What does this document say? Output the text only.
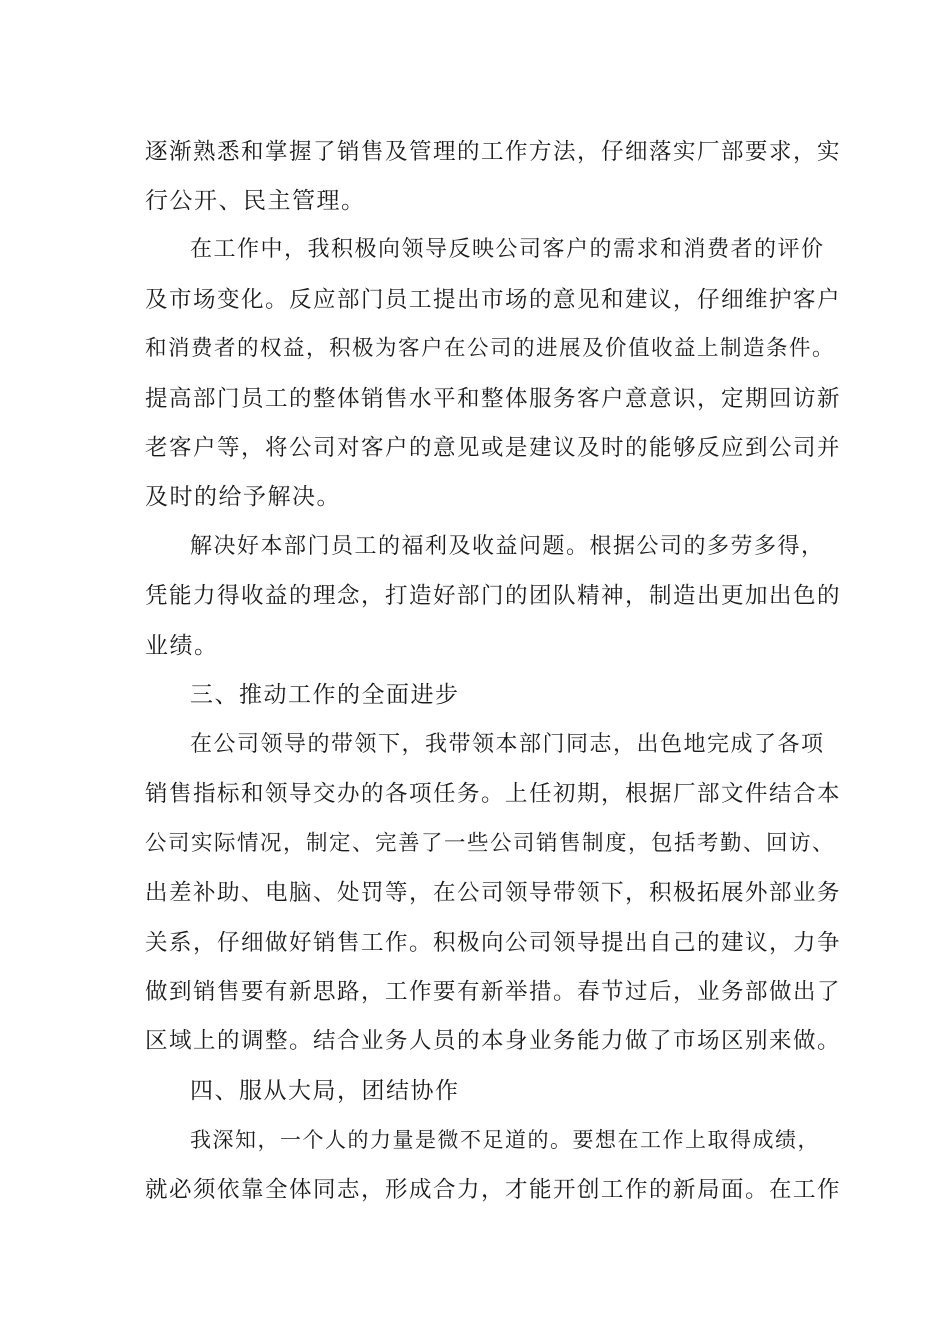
逐渐熟悉和掌握了销售及管理的工作方法，仔细落实厂部要求，实
行公开、民主管理。
在工作中，我积极向领导反映公司客户的需求和消费者的评价
及市场变化。反应部门员工提出市场的意见和建议，仔细维护客户
和消费者的权益，积极为客户在公司的进展及价值收益上制造条件。
提高部门员工的整体销售水平和整体服务客户意意识，定期回访新
老客户等，将公司对客户的意见或是建议及时的能够反应到公司并
及时的给予解决。
解决好本部门员工的福利及收益问题。根据公司的多劳多得，
凭能力得收益的理念，打造好部门的团队精神，制造出更加出色的
业绩。
三、推动工作的全面进步
在公司领导的带领下，我带领本部门同志，出色地完成了各项
销售指标和领导交办的各项任务。上任初期，根据厂部文件结合本
公司实际情况，制定、完善了一些公司销售制度，包括考勤、回访、
出差补助、电脑、处罚等，在公司领导带领下，积极拓展外部业务
关系，仔细做好销售工作。积极向公司领导提出自己的建议，力争
做到销售要有新思路，工作要有新举措。春节过后，业务部做出了
区域上的调整。结合业务人员的本身业务能力做了市场区别来做。
四、服从大局，团结协作
我深知，一个人的力量是微不足道的。要想在工作上取得成绩，
就必须依靠全体同志，形成合力，才能开创工作的新局面。在工作
